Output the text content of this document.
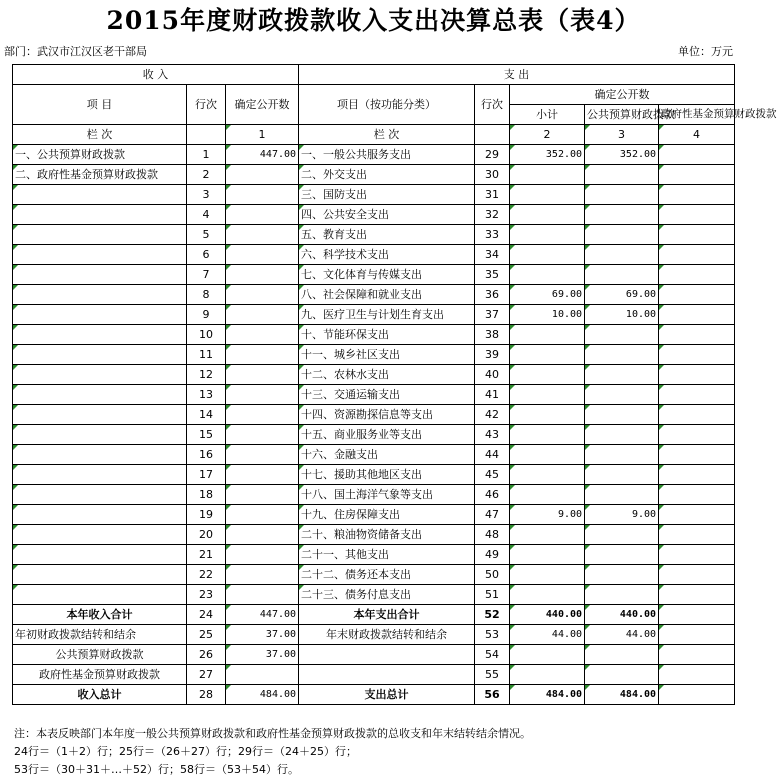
2015年度财政拨款收入支出决算总表（表4）
部门：武汉市江汉区老干部局	单位：万元
收 入			支 出				
项 目	行次	确定公开数	项目（按功能分类）	行次	确定公开数		
					小计	公共预算财政拨款	政府性基金预算财政拨款
栏 次		1	栏 次		2	3	4
一、公共预算财政拨款	1	447.00	一、一般公共服务支出	29	352.00	352.00	
二、政府性基金预算财政拨款	2		二、外交支出	30			
	3		三、国防支出	31			
	4		四、公共安全支出	32			
	5		五、教育支出	33			
	6		六、科学技术支出	34			
	7		七、文化体育与传媒支出	35			
	8		八、社会保障和就业支出	36	69.00	69.00	
	9		九、医疗卫生与计划生育支出	37	10.00	10.00	
	10		十、节能环保支出	38			
	11		十一、城乡社区支出	39			
	12		十二、农林水支出	40			
	13		十三、交通运输支出	41			
	14		十四、资源勘探信息等支出	42			
	15		十五、商业服务业等支出	43			
	16		十六、金融支出	44			
	17		十七、援助其他地区支出	45			
	18		十八、国土海洋气象等支出	46			
	19		十九、住房保障支出	47	9.00	9.00	
	20		二十、粮油物资储备支出	48			
	21		二十一、其他支出	49			
	22		二十二、债务还本支出	50			
	23		二十三、债务付息支出	51			
本年收入合计	24	447.00	本年支出合计	52	440.00	440.00	
年初财政拨款结转和结余	25	37.00	年末财政拨款结转和结余	53	44.00	44.00	
公共预算财政拨款	26	37.00		54			
政府性基金预算财政拨款	27			55			
收入总计	28	484.00	支出总计	56	484.00	484.00	
注：本表反映部门本年度一般公共预算财政拨款和政府性基金预算财政拨款的总收支和年末结转结余情况。
24行＝（1＋2）行；25行＝（26＋27）行；29行＝（24＋25）行；
53行＝（30＋31＋…＋52）行；58行＝（53＋54）行。
